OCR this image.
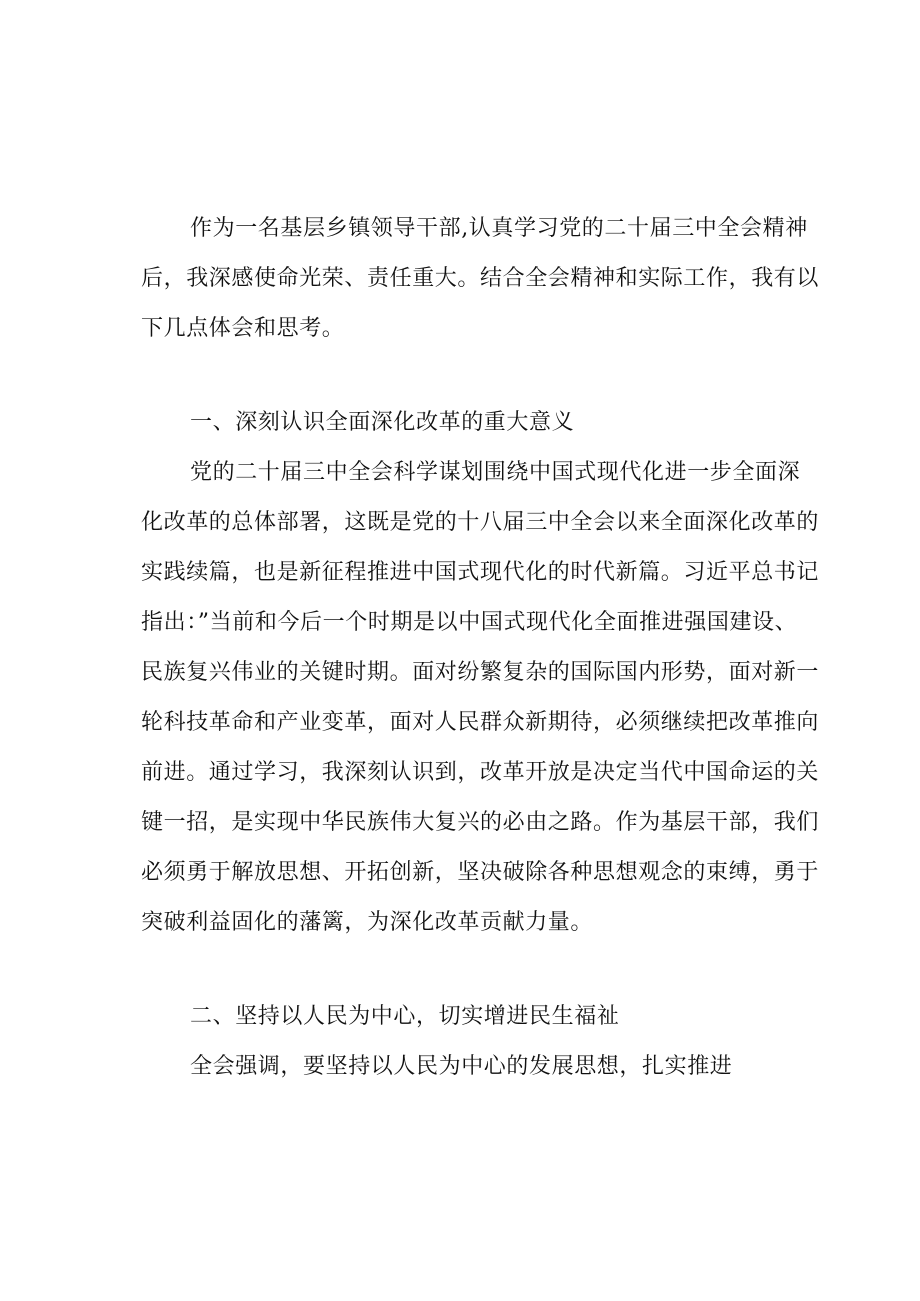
作为一名基层乡镇领导干部,认真学习党的二十届三中全会精神

后，我深感使命光荣、责任重大。结合全会精神和实际工作，我有以

下几点体会和思考。

一、深刻认识全面深化改革的重大意义

党的二十届三中全会科学谋划围绕中国式现代化进一步全面深

化改革的总体部署，这既是党的十八届三中全会以来全面深化改革的

实践续篇，也是新征程推进中国式现代化的时代新篇。习近平总书记

指出：”当前和今后一个时期是以中国式现代化全面推进强国建设、

民族复兴伟业的关键时期。面对纷繁复杂的国际国内形势，面对新一

轮科技革命和产业变革，面对人民群众新期待，必须继续把改革推向

前进。通过学习，我深刻认识到，改革开放是决定当代中国命运的关

键一招，是实现中华民族伟大复兴的必由之路。作为基层干部，我们

必须勇于解放思想、开拓创新，坚决破除各种思想观念的束缚，勇于

突破利益固化的藩篱，为深化改革贡献力量。

二、坚持以人民为中心，切实增进民生福祉

全会强调，要坚持以人民为中心的发展思想，扎实推进
